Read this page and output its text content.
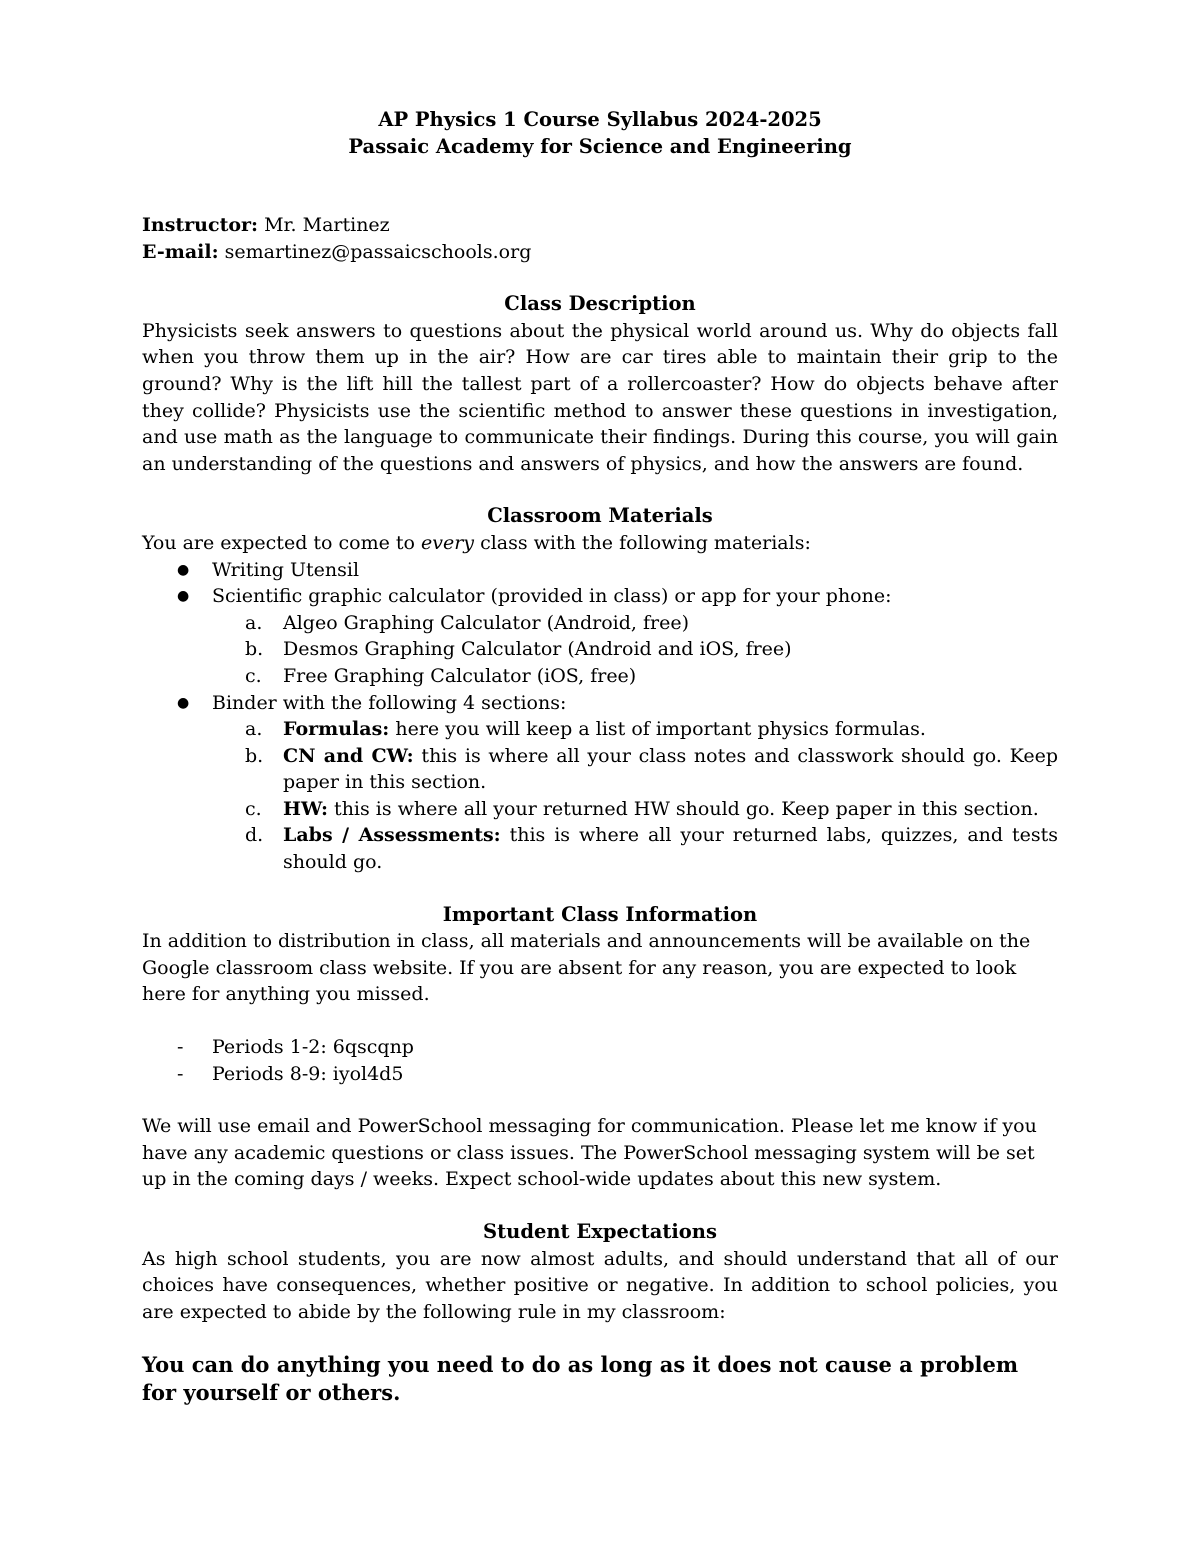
AP Physics 1 Course Syllabus 2024-2025
Passaic Academy for Science and Engineering
Instructor: Mr. Martinez
E-mail: semartinez@passaicschools.org
Class Description

Physicists seek answers to questions about the physical world around us. Why do objects fall when you throw them up in the air? How are car tires able to maintain their grip to the ground? Why is the lift hill the tallest part of a rollercoaster? How do objects behave after they collide? Physicists use the scientific method to answer these questions in investigation, and use math as the language to communicate their findings. During this course, you will gain an understanding of the questions and answers of physics, and how the answers are found.

Classroom Materials
You are expected to come to every class with the following materials:
● Writing Utensil
● Scientific graphic calculator (provided in class) or app for your phone:
a. Algeo Graphing Calculator (Android, free)
b. Desmos Graphing Calculator (Android and iOS, free)
c. Free Graphing Calculator (iOS, free)
● Binder with the following 4 sections:
a. Formulas: here you will keep a list of important physics formulas.
b. CN and CW: this is where all your class notes and classwork should go. Keep paper in this section.
c. HW: this is where all your returned HW should go. Keep paper in this section.
d. Labs / Assessments: this is where all your returned labs, quizzes, and tests should go.
Important Class Information

In addition to distribution in class, all materials and announcements will be available on the Google classroom class website. If you are absent for any reason, you are expected to look here for anything you missed.

- Periods 1-2: 6qscqnp
- Periods 8-9: iyol4d5

We will use email and PowerSchool messaging for communication. Please let me know if you have any academic questions or class issues. The PowerSchool messaging system will be set up in the coming days / weeks. Expect school-wide updates about this new system.

Student Expectations

As high school students, you are now almost adults, and should understand that all of our choices have consequences, whether positive or negative. In addition to school policies, you are expected to abide by the following rule in my classroom:

You can do anything you need to do as long as it does not cause a problem for yourself or others.
